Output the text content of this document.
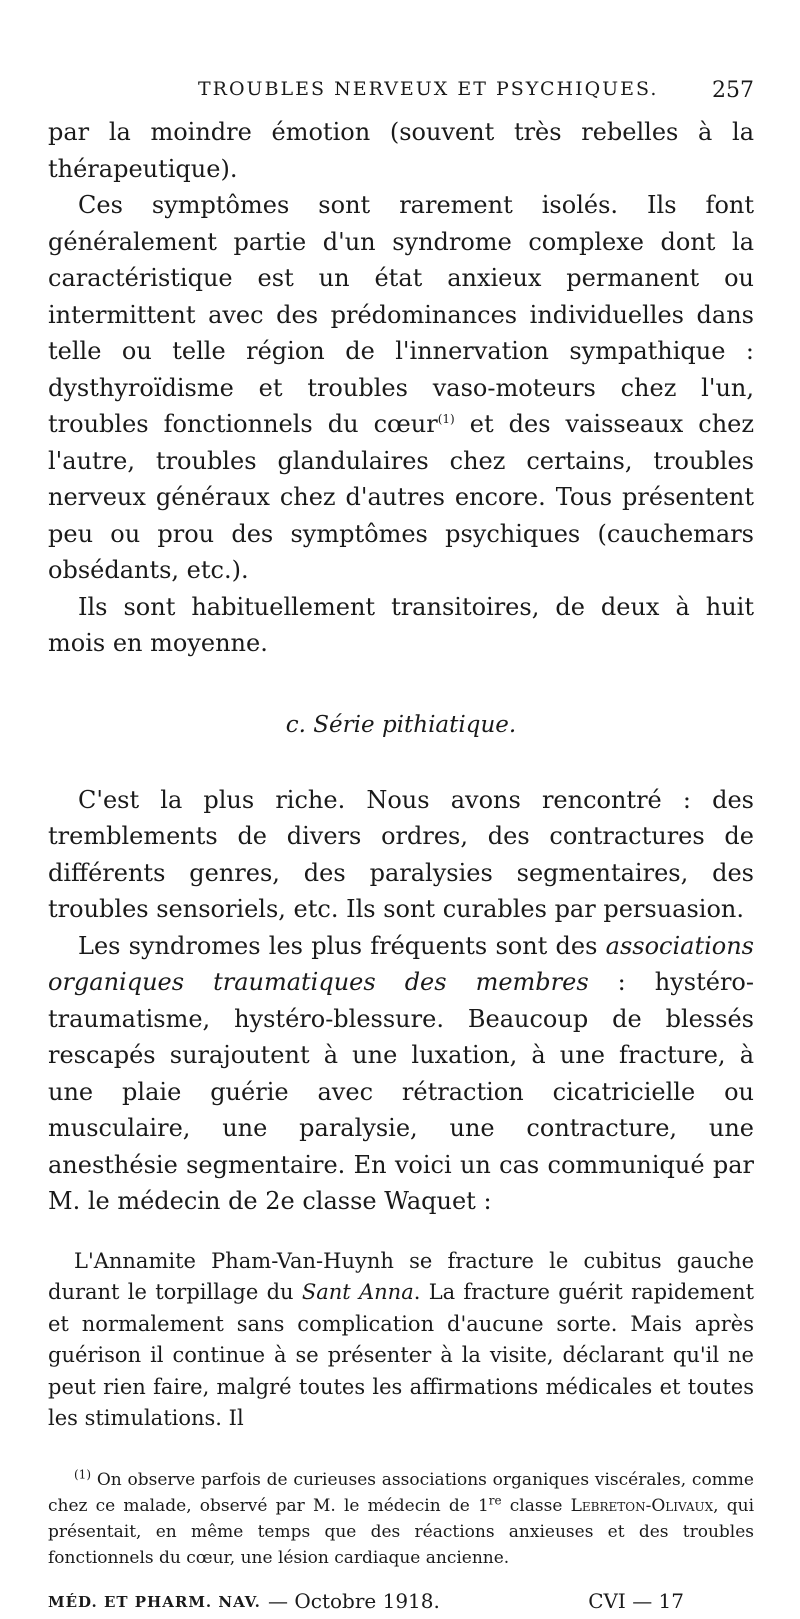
TROUBLES NERVEUX ET PSYCHIQUES. 257

par la moindre émotion (souvent très rebelles à la thérapeutique).

Ces symptômes sont rarement isolés. Ils font généralement partie d'un syndrome complexe dont la caractéristique est un état anxieux permanent ou intermittent avec des prédominances individuelles dans telle ou telle région de l'innervation sympathique : dysthyroïdisme et troubles vaso-moteurs chez l'un, troubles fonctionnels du cœur$^{(1)}$ et des vaisseaux chez l'autre, troubles glandulaires chez certains, troubles nerveux généraux chez d'autres encore. Tous présentent peu ou prou des symptômes psychiques (cauchemars obsédants, etc.).

Ils sont habituellement transitoires, de deux à huit mois en moyenne.

c. Série pithiatique.

C'est la plus riche. Nous avons rencontré : des tremblements de divers ordres, des contractures de différents genres, des paralysies segmentaires, des troubles sensoriels, etc. Ils sont curables par persuasion.

Les syndromes les plus fréquents sont des associations organiques traumatiques des membres : hystéro-traumatisme, hystéro-blessure. Beaucoup de blessés rescapés surajoutent à une luxation, à une fracture, à une plaie guérie avec rétraction cicatricielle ou musculaire, une paralysie, une contracture, une anesthésie segmentaire. En voici un cas communiqué par M. le médecin de 2e classe Waquet :

L'Annamite Pham-Van-Huynh se fracture le cubitus gauche durant le torpillage du Sant Anna. La fracture guérit rapidement et normalement sans complication d'aucune sorte. Mais après guérison il continue à se présenter à la visite, déclarant qu'il ne peut rien faire, malgré toutes les affirmations médicales et toutes les stimulations. Il

$^{(1)}$ On observe parfois de curieuses associations organiques viscérales, comme chez ce malade, observé par M. le médecin de 1re classe Lebreton-Olivaux, qui présentait, en même temps que des réactions anxieuses et des troubles fonctionnels du cœur, une lésion cardiaque ancienne.

MÉD. ET PHARM. NAV. — Octobre 1918.	CVI — 17
